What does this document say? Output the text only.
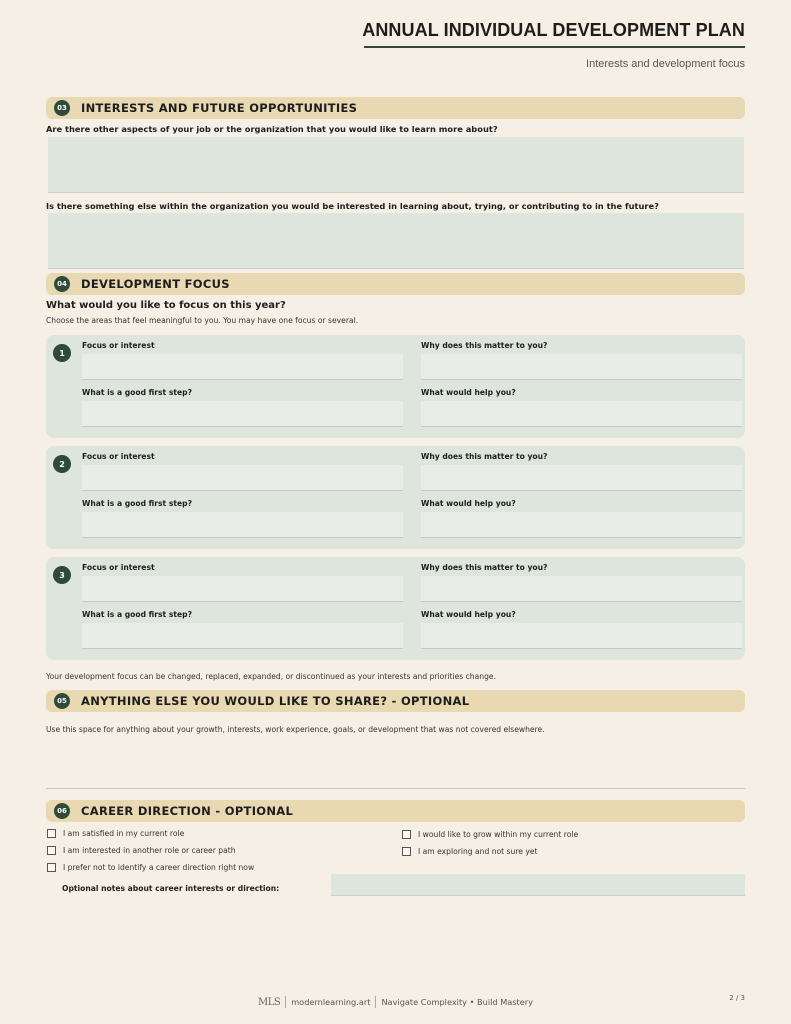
ANNUAL INDIVIDUAL DEVELOPMENT PLAN
Interests and development focus
03 INTERESTS AND FUTURE OPPORTUNITIES
Are there other aspects of your job or the organization that you would like to learn more about?
Is there something else within the organization you would be interested in learning about, trying, or contributing to in the future?
04 DEVELOPMENT FOCUS
What would you like to focus on this year?
Choose the areas that feel meaningful to you. You may have one focus or several.
1
Focus or interest	Why does this matter to you?
What is a good first step?	What would help you?
2
Focus or interest	Why does this matter to you?
What is a good first step?	What would help you?
3
Focus or interest	Why does this matter to you?
What is a good first step?	What would help you?
Your development focus can be changed, replaced, expanded, or discontinued as your interests and priorities change.
05 ANYTHING ELSE YOU WOULD LIKE TO SHARE? - OPTIONAL
Use this space for anything about your growth, interests, work experience, goals, or development that was not covered elsewhere.
06 CAREER DIRECTION - OPTIONAL
I am satisfied in my current role
I am interested in another role or career path
I prefer not to identify a career direction right now
I would like to grow within my current role
I am exploring and not sure yet
Optional notes about career interests or direction:
MLS modernlearning.art Navigate Complexity • Build Mastery	2 / 3
